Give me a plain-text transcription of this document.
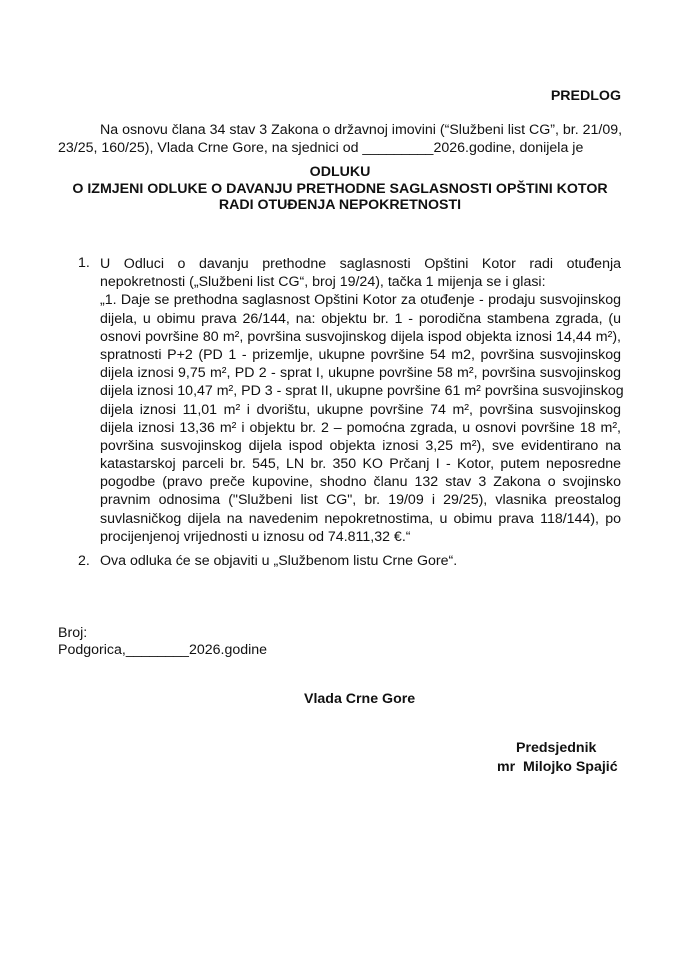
PREDLOG
Na osnovu člana 34 stav 3 Zakona o državnoj imovini (“Službeni list CG”, br. 21/09,
23/25, 160/25), Vlada Crne Gore, na sjednici od _________2026.godine, donijela je
ODLUKU
O IZMJENI ODLUKE O DAVANJU PRETHODNE SAGLASNOSTI OPŠTINI KOTOR
RADI OTUĐENJA NEPOKRETNOSTI
1. U Odluci o davanju prethodne saglasnosti Opštini Kotor radi otuđenja
nepokretnosti („Službeni list CG“, broj 19/24), tačka 1 mijenja se i glasi:
„1. Daje se prethodna saglasnost Opštini Kotor za otuđenje - prodaju susvojinskog
dijela, u obimu prava 26/144, na: objektu br. 1 - porodična stambena zgrada, (u
osnovi površine 80 m², površina susvojinskog dijela ispod objekta iznosi 14,44 m²),
spratnosti P+2 (PD 1 - prizemlje, ukupne površine 54 m2, površina susvojinskog
dijela iznosi 9,75 m², PD 2 - sprat I, ukupne površine 58 m², površina susvojinskog
dijela iznosi 10,47 m², PD 3 - sprat II, ukupne površine 61 m² površina susvojinskog
dijela iznosi 11,01 m² i dvorištu, ukupne površine 74 m², površina susvojinskog
dijela iznosi 13,36 m² i objektu br. 2 – pomoćna zgrada, u osnovi površine 18 m²,
površina susvojinskog dijela ispod objekta iznosi 3,25 m²), sve evidentirano na
katastarskoj parceli br. 545, LN br. 350 KO Prčanj I - Kotor, putem neposredne
pogodbe (pravo preče kupovine, shodno članu 132 stav 3 Zakona o svojinsko
pravnim odnosima ("Službeni list CG", br. 19/09 i 29/25), vlasnika preostalog
suvlasničkog dijela na navedenim nepokretnostima, u obimu prava 118/144), po
procijenjenoj vrijednosti u iznosu od 74.811,32 €.“
2. Ova odluka će se objaviti u „Službenom listu Crne Gore“.
Broj:
Podgorica,________2026.godine
Vlada Crne Gore
Predsjednik
mr  Milojko Spajić
